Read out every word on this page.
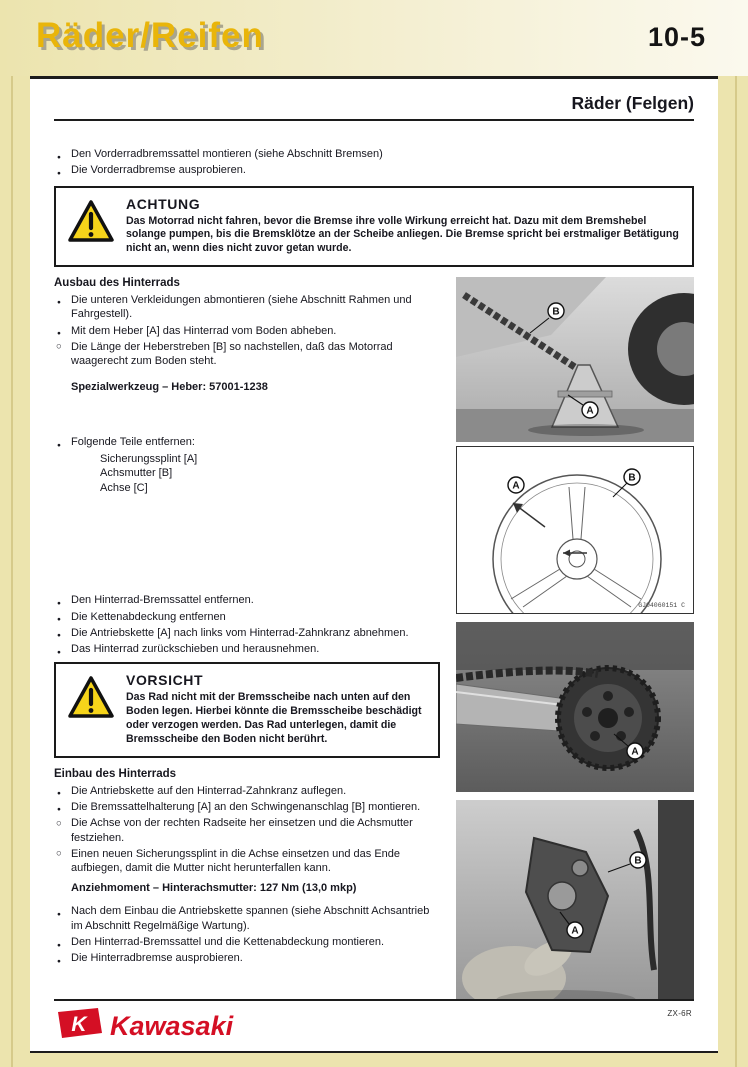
Räder/Reifen	10-5
Räder (Felgen)
● Den Vorderradbremssattel montieren (siehe Abschnitt Bremsen)
● Die Vorderradbremse ausprobieren.

ACHTUNG

Das Motorrad nicht fahren, bevor die Bremse ihre volle Wirkung erreicht hat. Dazu mit dem Bremshebel solange pumpen, bis die Bremsklötze an der Scheibe anliegen. Die Bremse spricht bei erstmaliger Betätigung nicht an, wenn dies nicht zuvor getan wurde.

Ausbau des Hinterrads
● Die unteren Verkleidungen abmontieren (siehe Abschnitt Rahmen und Fahrgestell).
● Mit dem Heber [A] das Hinterrad vom Boden abheben.
○ Die Länge der Heberstreben [B] so nachstellen, daß das Motorrad waagerecht zum Boden steht.

Spezialwerkzeug – Heber: 57001-1238

● Folgende Teile entfernen:
Sicherungssplint [A]
Achsmutter [B]
Achse [C]
● Den Hinterrad-Bremssattel entfernen.
● Die Kettenabdeckung entfernen
● Die Antriebskette [A] nach links vom Hinterrad-Zahnkranz abnehmen.
● Das Hinterrad zurückschieben und herausnehmen.

VORSICHT

Das Rad nicht mit der Bremsscheibe nach unten auf den Boden legen. Hierbei könnte die Bremsscheibe beschädigt oder verzogen werden. Das Rad unterlegen, damit die Bremsscheibe den Boden nicht berührt.

Einbau des Hinterrads
● Die Antriebskette auf den Hinterrad-Zahnkranz auflegen.
● Die Bremssattelhalterung [A] an den Schwingenanschlag [B] montieren.
○ Die Achse von der rechten Radseite her einsetzen und die Achsmutter festziehen.
○ Einen neuen Sicherungssplint in die Achse einsetzen und das Ende aufbiegen, damit die Mutter nicht herunterfallen kann.

Anziehmoment – Hinterachsmutter: 127 Nm (13,0 mkp)

● Nach dem Einbau die Antriebskette spannen (siehe Abschnitt Achsantrieb im Abschnitt Regelmäßige Wartung).
● Den Hinterrad-Bremssattel und die Kettenabdeckung montieren.
● Die Hinterradbremse ausprobieren.
B
A
A
B
GJ04060151 C
A
B
A
K Kawasaki	ZX-6R
